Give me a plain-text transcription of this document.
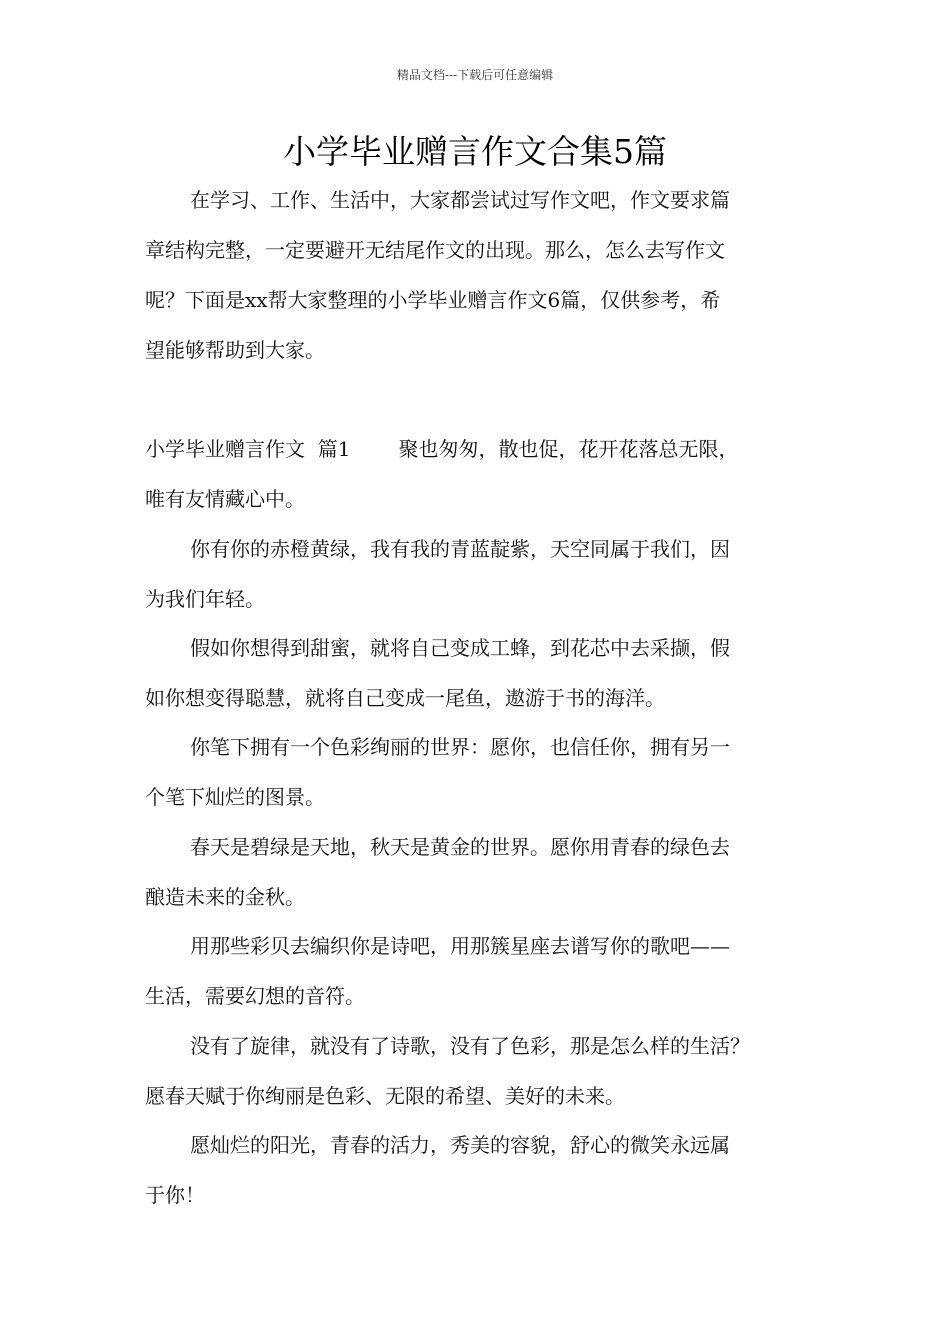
精品文档---下载后可任意编辑
小学毕业赠言作文合集5篇
在学习、工作、生活中，大家都尝试过写作文吧，作文要求篇
章结构完整，一定要避开无结尾作文的出现。那么，怎么去写作文
呢？下面是xx帮大家整理的小学毕业赠言作文6篇，仅供参考，希
望能够帮助到大家。
小学毕业赠言作文  篇1 聚也匆匆，散也促，花开花落总无限，
唯有友情藏心中。
你有你的赤橙黄绿，我有我的青蓝靛紫，天空同属于我们，因
为我们年轻。
假如你想得到甜蜜，就将自己变成工蜂，到花芯中去采撷，假
如你想变得聪慧，就将自己变成一尾鱼，遨游于书的海洋。
你笔下拥有一个色彩绚丽的世界：愿你，也信任你，拥有另一
个笔下灿烂的图景。
春天是碧绿是天地，秋天是黄金的世界。愿你用青春的绿色去
酿造未来的金秋。
用那些彩贝去编织你是诗吧，用那簇星座去谱写你的歌吧——
生活，需要幻想的音符。
没有了旋律，就没有了诗歌，没有了色彩，那是怎么样的生活？
愿春天赋于你绚丽是色彩、无限的希望、美好的未来。
愿灿烂的阳光，青春的活力，秀美的容貌，舒心的微笑永远属
于你！
